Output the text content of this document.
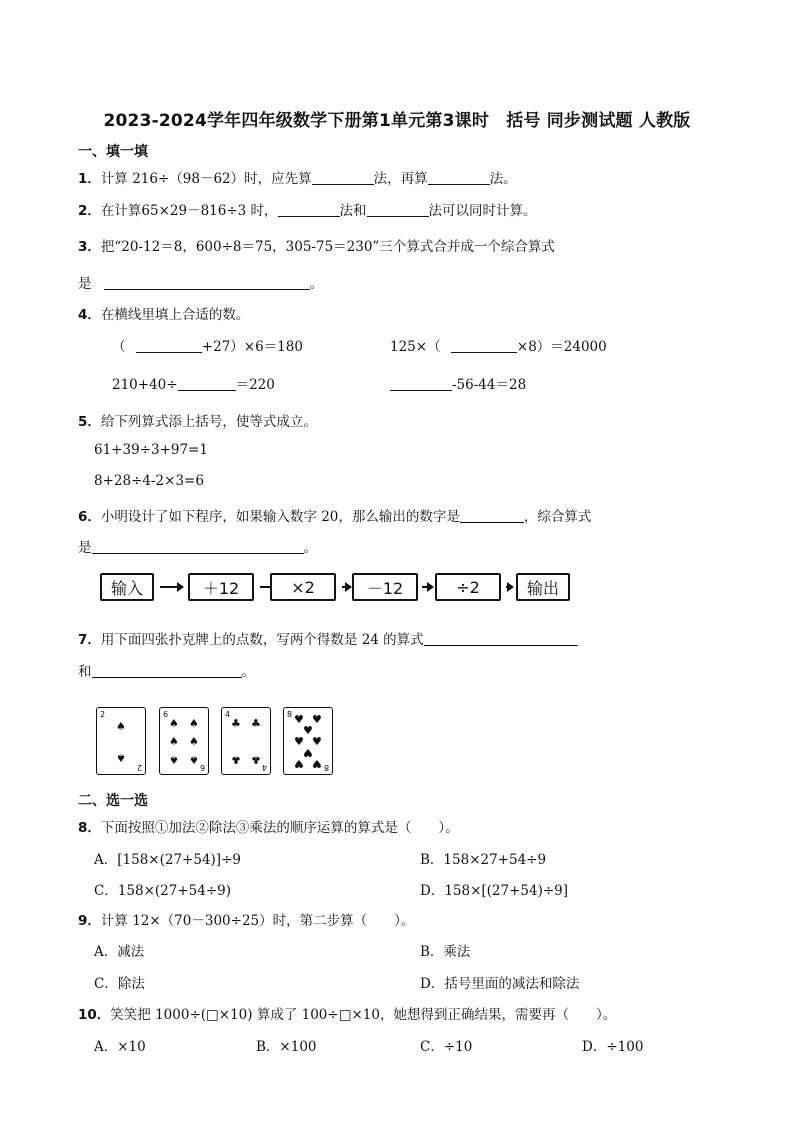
2023-2024学年四年级数学下册第1单元第3课时　括号 同步测试题 人教版
一、填一填
1．计算 216÷（98－62）时，应先算	法，再算	法。
2．在计算65×29－816÷3 时，	法和	法可以同时计算。
3．把“20-12＝8，600÷8＝75，305-75＝230”三个算式合并成一个综合算式
是	。
4．在横线里填上合适的数。
（	+27）×6＝180	125×（	×8）＝24000
210+40÷	＝220	-56-44＝28
5．给下列算式添上括号，使等式成立。
61+39÷3+97=1
8+28÷4-2×3=6
6．小明设计了如下程序，如果输入数字 20，那么输出的数字是	，综合算式
是	。
输入	＋12	×2	－12	÷2	输出
7．用下面四张扑克牌上的点数，写两个得数是 24 的算式
和	。
2
2
♠
♠
6
6
♠ ♠
♠ ♠
♠ ♠
4
4
♣ ♣
♣ ♣
8
8
♥ ♥
♥
♥ ♥
♥
♥ ♥
二、选一选
8．下面按照①加法②除法③乘法的顺序运算的算式是（　　）。
A．[158×(27+54)]÷9	B．158×27+54÷9
C．158×(27+54÷9)	D．158×[(27+54)÷9]
9．计算 12×（70－300÷25）时，第二步算（　　）。
A．减法	B．乘法
C．除法	D．括号里面的减法和除法
10．笑笑把 1000÷(□×10) 算成了 100÷□×10，她想得到正确结果，需要再（　　）。
A．×10	B．×100	C．÷10	D．÷100
